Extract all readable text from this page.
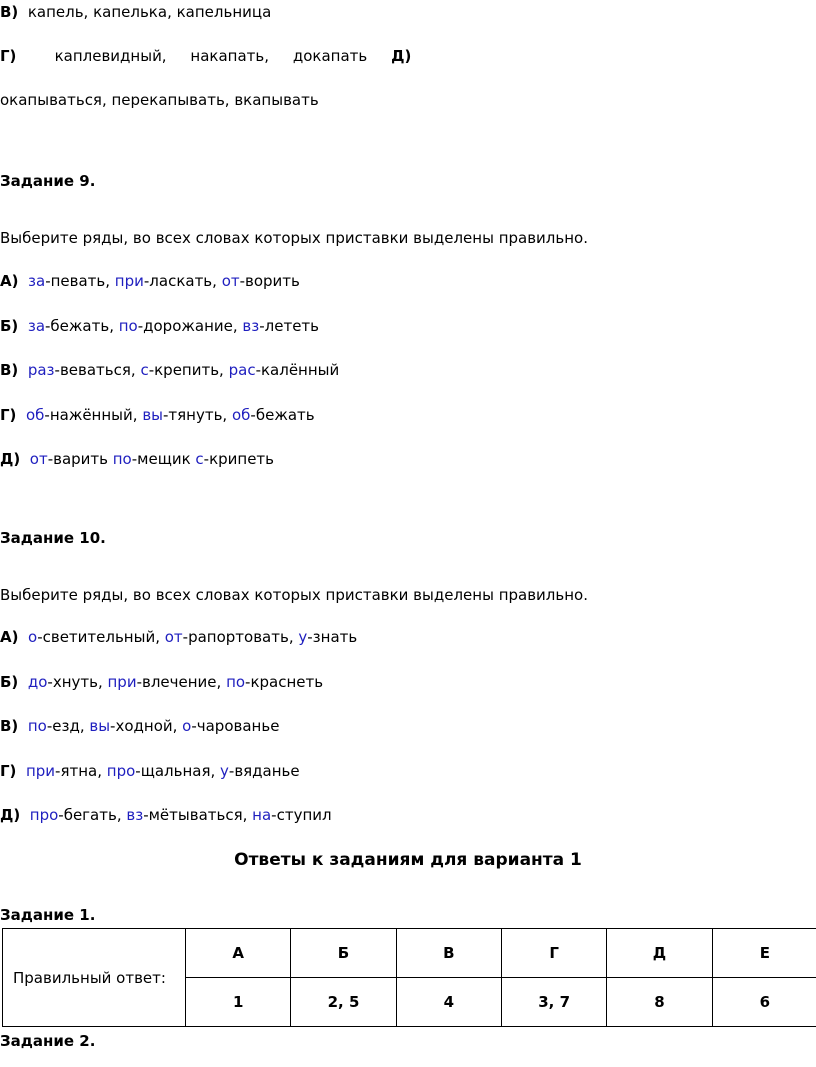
В) капель, капелька, капельница
Г)	каплевидный,     накапать,     докапать Д)
окапываться, перекапывать, вкапывать
Задание 9.
Выберите ряды, во всех словах которых приставки выделены правильно.
А) за-певать, при-ласкать, от-ворить
Б) за-бежать, по-дорожание, вз-лететь
В) раз-веваться, с-крепить, рас-калённый
Г) об-нажённый, вы-тянуть, об-бежать
Д) от-варить по-мещик с-крипеть
Задание 10.
Выберите ряды, во всех словах которых приставки выделены правильно.
А) о-светительный, от-рапортовать, у-знать
Б) до-хнуть, при-влечение, по-краснеть
В) по-езд, вы-ходной, о-чарованье
Г) при-ятна, про-щальная, у-вяданье
Д) про-бегать, вз-мётываться, на-ступил
Ответы к заданиям для варианта 1
Задание 1.
Правильный ответ:	А	Б	В	Г	Д	Е
	1	2, 5	4	3, 7	8	6
Задание 2.
